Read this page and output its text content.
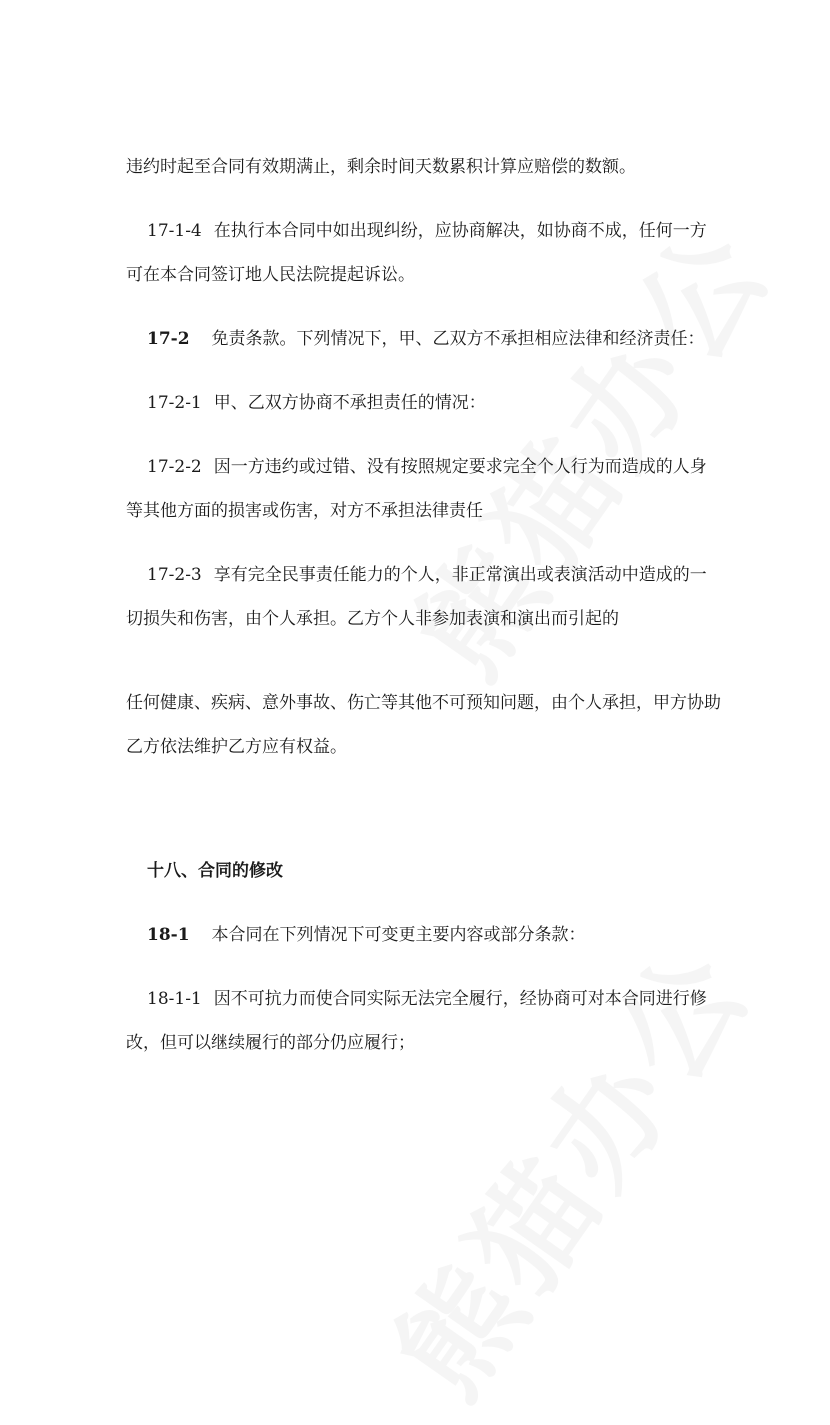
违约时起至合同有效期满止，剩余时间天数累积计算应赔偿的数额。
17-1-4 在执行本合同中如出现纠纷，应协商解决，如协商不成，任何一方
可在本合同签订地人民法院提起诉讼。
17-2 免责条款。下列情况下，甲、乙双方不承担相应法律和经济责任：
17-2-1 甲、乙双方协商不承担责任的情况：
17-2-2 因一方违约或过错、没有按照规定要求完全个人行为而造成的人身
等其他方面的损害或伤害，对方不承担法律责任
17-2-3 享有完全民事责任能力的个人，非正常演出或表演活动中造成的一
切损失和伤害，由个人承担。乙方个人非参加表演和演出而引起的
任何健康、疾病、意外事故、伤亡等其他不可预知问题，由个人承担，甲方协助
乙方依法维护乙方应有权益。
十八、合同的修改
18-1 本合同在下列情况下可变更主要内容或部分条款：
18-1-1 因不可抗力而使合同实际无法完全履行，经协商可对本合同进行修
改，但可以继续履行的部分仍应履行；
